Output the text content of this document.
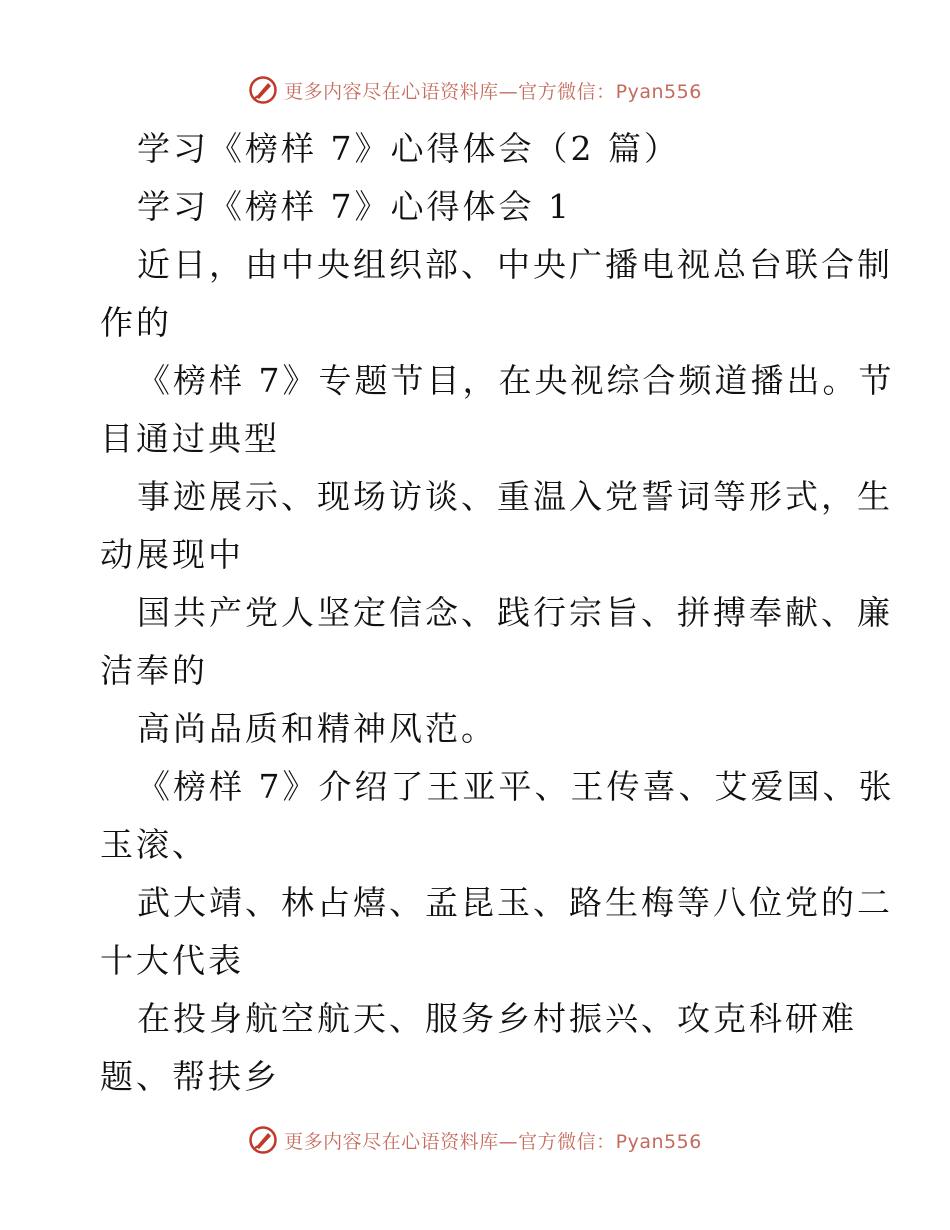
更多内容尽在心语资料库—官方微信：Pyan556
学习《榜样 7》心得体会（2 篇）
学习《榜样 7》心得体会 1
近日，由中央组织部、中央广播电视总台联合制
作的
《榜样 7》专题节目，在央视综合频道播出。节
目通过典型
事迹展示、现场访谈、重温入党誓词等形式，生
动展现中
国共产党人坚定信念、践行宗旨、拼搏奉献、廉
洁奉的
高尚品质和精神风范。
《榜样 7》介绍了王亚平、王传喜、艾爱国、张
玉滚、
武大靖、林占熺、孟昆玉、路生梅等八位党的二
十大代表
在投身航空航天、服务乡村振兴、攻克科研难
题、帮扶乡
更多内容尽在心语资料库—官方微信：Pyan556
